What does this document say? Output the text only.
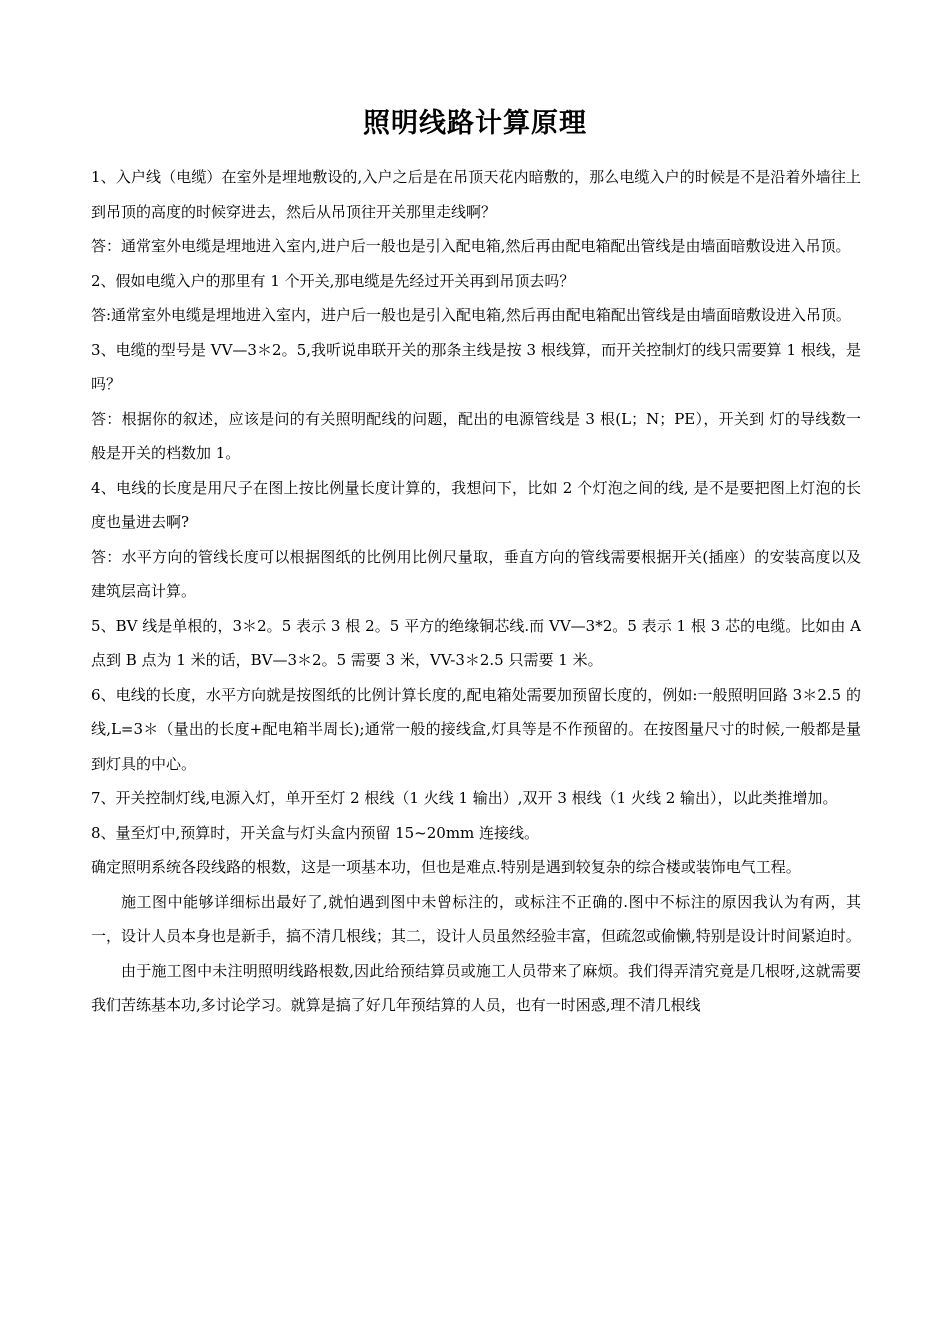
照明线路计算原理

1、入户线（电缆）在室外是埋地敷设的,入户之后是在吊顶天花内暗敷的，那么电缆入户的时候是不是沿着外墙往上到吊顶的高度的时候穿进去，然后从吊顶往开关那里走线啊？

答：通常室外电缆是埋地进入室内,进户后一般也是引入配电箱,然后再由配电箱配出管线是由墙面暗敷设进入吊顶。

2、假如电缆入户的那里有 1 个开关,那电缆是先经过开关再到吊顶去吗？

答:通常室外电缆是埋地进入室内，进户后一般也是引入配电箱,然后再由配电箱配出管线是由墙面暗敷设进入吊顶。

3、电缆的型号是 VV—3＊2。5,我听说串联开关的那条主线是按 3 根线算，而开关控制灯的线只需要算 1 根线，是吗？

答：根据你的叙述，应该是问的有关照明配线的问题，配出的电源管线是 3 根(L；N；PE），开关到 灯的导线数一般是开关的档数加 1。

4、电线的长度是用尺子在图上按比例量长度计算的，我想问下，比如 2 个灯泡之间的线, 是不是要把图上灯泡的长度也量进去啊?

答：水平方向的管线长度可以根据图纸的比例用比例尺量取，垂直方向的管线需要根据开关(插座）的安装高度以及建筑层高计算。

5、BV 线是单根的，3＊2。5 表示 3 根 2。5 平方的绝缘铜芯线.而 VV—3*2。5 表示 1 根 3 芯的电缆。比如由 A 点到 B 点为 1 米的话，BV—3＊2。5 需要 3 米，VV-3＊2.5 只需要 1 米。

6、电线的长度，水平方向就是按图纸的比例计算长度的,配电箱处需要加预留长度的，例如:一般照明回路 3＊2.5 的线,L=3＊（量出的长度+配电箱半周长);通常一般的接线盒,灯具等是不作预留的。在按图量尺寸的时候,一般都是量到灯具的中心。

7、开关控制灯线,电源入灯，单开至灯 2 根线（1 火线 1 输出）,双开 3 根线（1 火线 2 输出），以此类推增加。

8、量至灯中,预算时，开关盒与灯头盒内预留 15~20mm 连接线。

确定照明系统各段线路的根数，这是一项基本功，但也是难点.特别是遇到较复杂的综合楼或装饰电气工程。

施工图中能够详细标出最好了,就怕遇到图中未曾标注的，或标注不正确的.图中不标注的原因我认为有两，其一，设计人员本身也是新手，搞不清几根线；其二，设计人员虽然经验丰富，但疏忽或偷懒,特别是设计时间紧迫时。

由于施工图中未注明照明线路根数,因此给预结算员或施工人员带来了麻烦。我们得弄清究竟是几根呀,这就需要我们苦练基本功,多讨论学习。就算是搞了好几年预结算的人员，也有一时困惑,理不清几根线
